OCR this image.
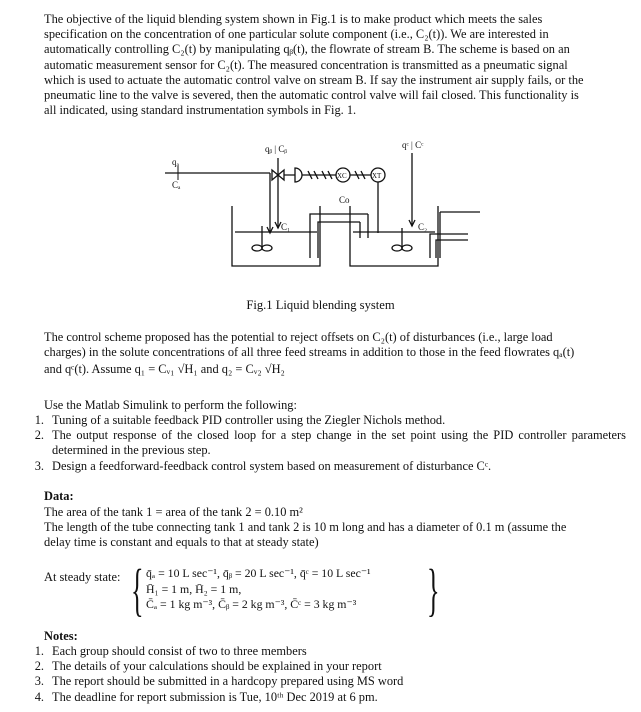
The objective of the liquid blending system shown in Fig.1 is to make product which meets the sales
specification on the concentration of one particular solute component (i.e., C₂(t)). We are interested in
automatically controlling C₂(t) by manipulating qᵦ(t), the flowrate of stream B. The scheme is based on an
automatic measurement sensor for C₂(t). The measured concentration is transmitted as a pneumatic signal
which is used to actuate the automatic control valve on stream B. If say the instrument air supply fails, or the
pneumatic line to the valve is severed, then the automatic control valve will fail closed. This functionality is
all indicated, using standard instrumentation symbols in Fig. 1.
qₐ
Cₐ
qᵦ | Cᵦ	qᶜ | Cᶜ
XC	XT
Co
C₁	C₂
Fig.1 Liquid blending system
The control scheme proposed has the potential to reject offsets on C₂(t) of disturbances (i.e., large load
charges) in the solute concentrations of all three feed streams in addition to those in the feed flowrates qₐ(t)
and qᶜ(t). Assume q₁ = Cᵥ₁ √H₁ and q₂ = Cᵥ₂ √H₂
Use the Matlab Simulink to perform the following:
1. Tuning of a suitable feedback PID controller using the Ziegler Nichols method.
2. The output response of the closed loop for a step change in the set point using the PID controller parameters determined in the previous step.
3. Design a feedforward-feedback control system based on measurement of disturbance Cᶜ.
Data:
The area of the tank 1 = area of the tank 2 = 0.10 m²
The length of the tube connecting tank 1 and tank 2 is 10 m long and has a diameter of 0.1 m (assume the
delay time is constant and equals to that at steady state)
At steady state: { q̄ₐ = 10 L sec⁻¹, q̄ᵦ = 20 L sec⁻¹, q̄ᶜ = 10 L sec⁻¹
H̄₁ = 1 m, H̄₂ = 1 m,
C̄ₐ = 1 kg m⁻³, C̄ᵦ = 2 kg m⁻³, C̄ᶜ = 3 kg m⁻³ }
Notes:
1. Each group should consist of two to three members
2. The details of your calculations should be explained in your report
3. The report should be submitted in a hardcopy prepared using MS word
4. The deadline for report submission is Tue, 10ᵗʰ Dec 2019 at 6 pm.
